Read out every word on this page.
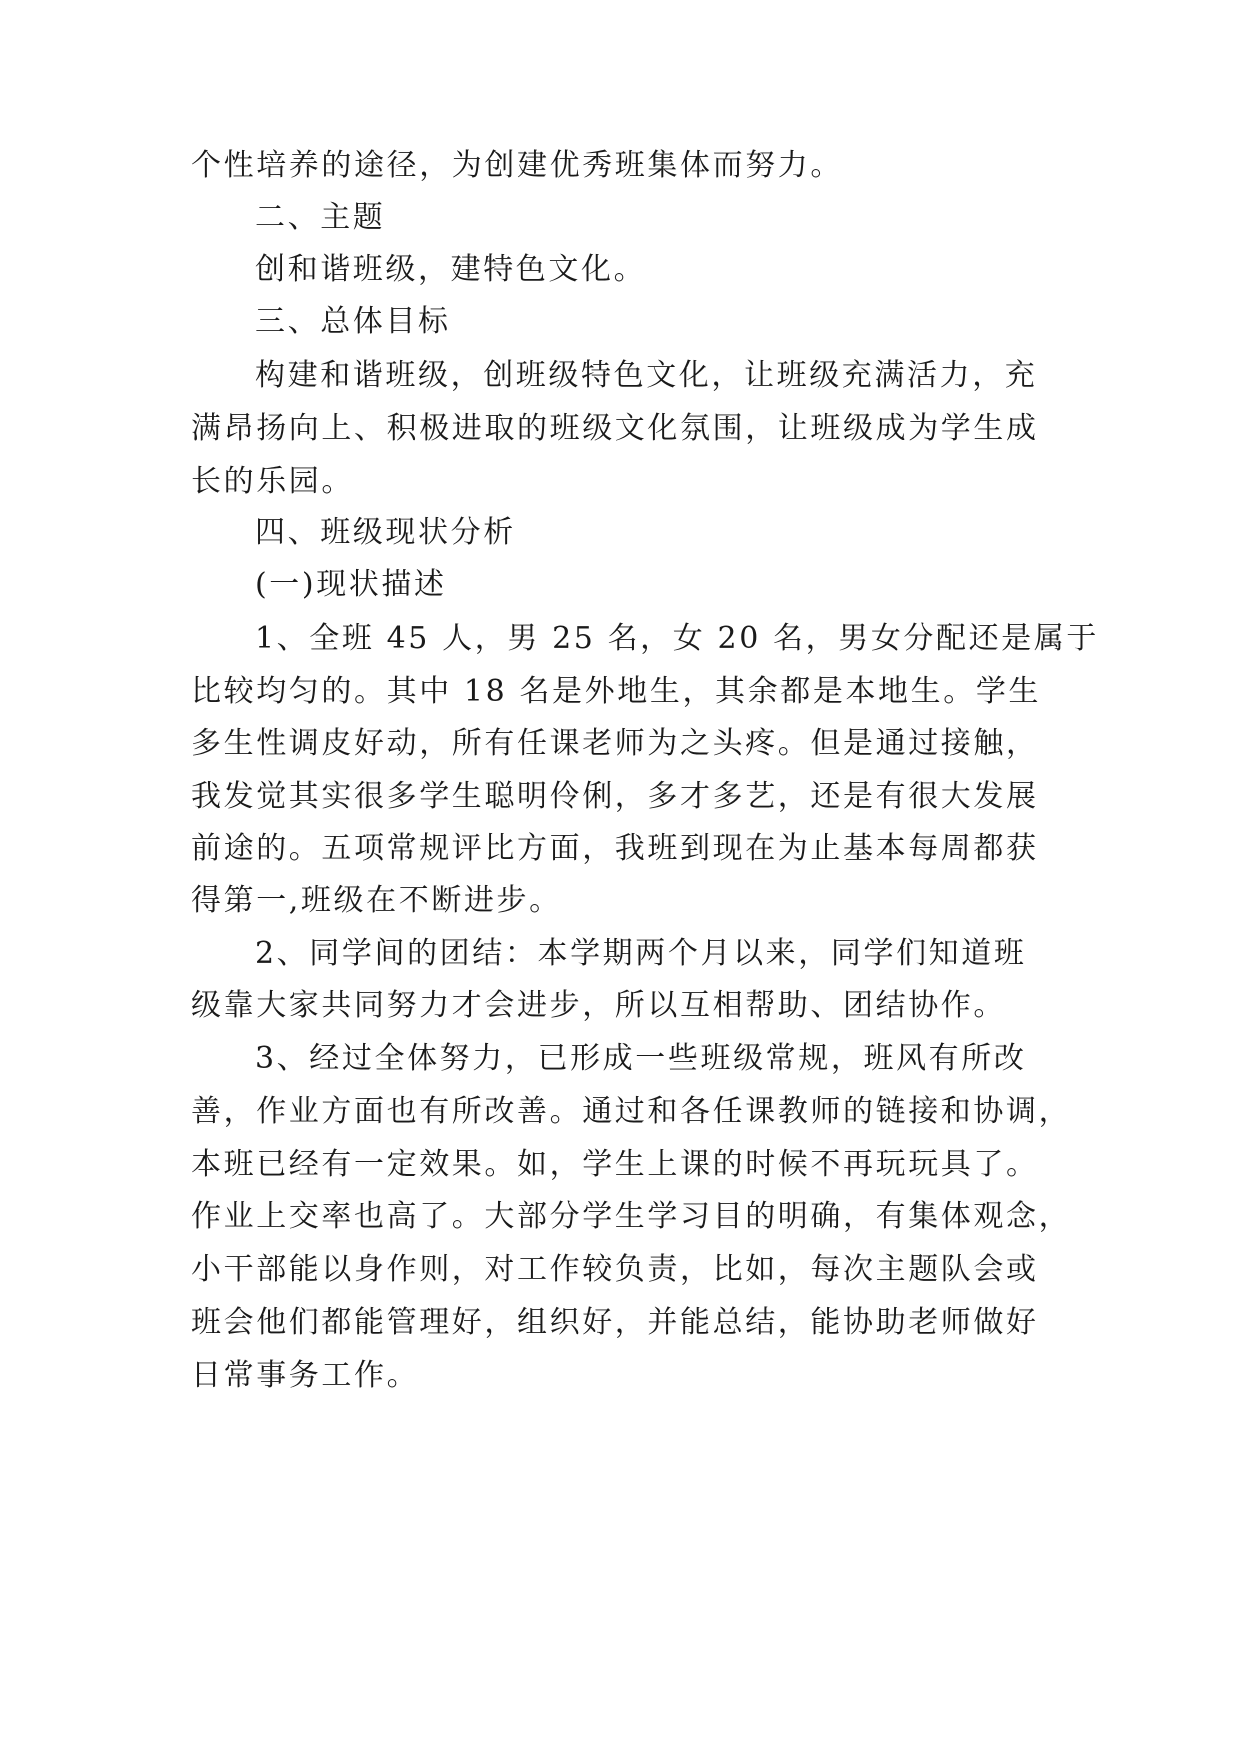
个性培养的途径，为创建优秀班集体而努力。
二、主题
创和谐班级，建特色文化。
三、总体目标
构建和谐班级，创班级特色文化，让班级充满活力，充
满昂扬向上、积极进取的班级文化氛围，让班级成为学生成
长的乐园。
四、班级现状分析
(一)现状描述
1、全班 45 人，男 25 名，女 20 名，男女分配还是属于
比较均匀的。其中 18 名是外地生，其余都是本地生。学生
多生性调皮好动，所有任课老师为之头疼。但是通过接触，
我发觉其实很多学生聪明伶俐，多才多艺，还是有很大发展
前途的。五项常规评比方面，我班到现在为止基本每周都获
得第一,班级在不断进步。
2、同学间的团结：本学期两个月以来，同学们知道班
级靠大家共同努力才会进步，所以互相帮助、团结协作。
3、经过全体努力，已形成一些班级常规，班风有所改
善，作业方面也有所改善。通过和各任课教师的链接和协调，
本班已经有一定效果。如，学生上课的时候不再玩玩具了。
作业上交率也高了。大部分学生学习目的明确，有集体观念，
小干部能以身作则，对工作较负责，比如，每次主题队会或
班会他们都能管理好，组织好，并能总结，能协助老师做好
日常事务工作。
